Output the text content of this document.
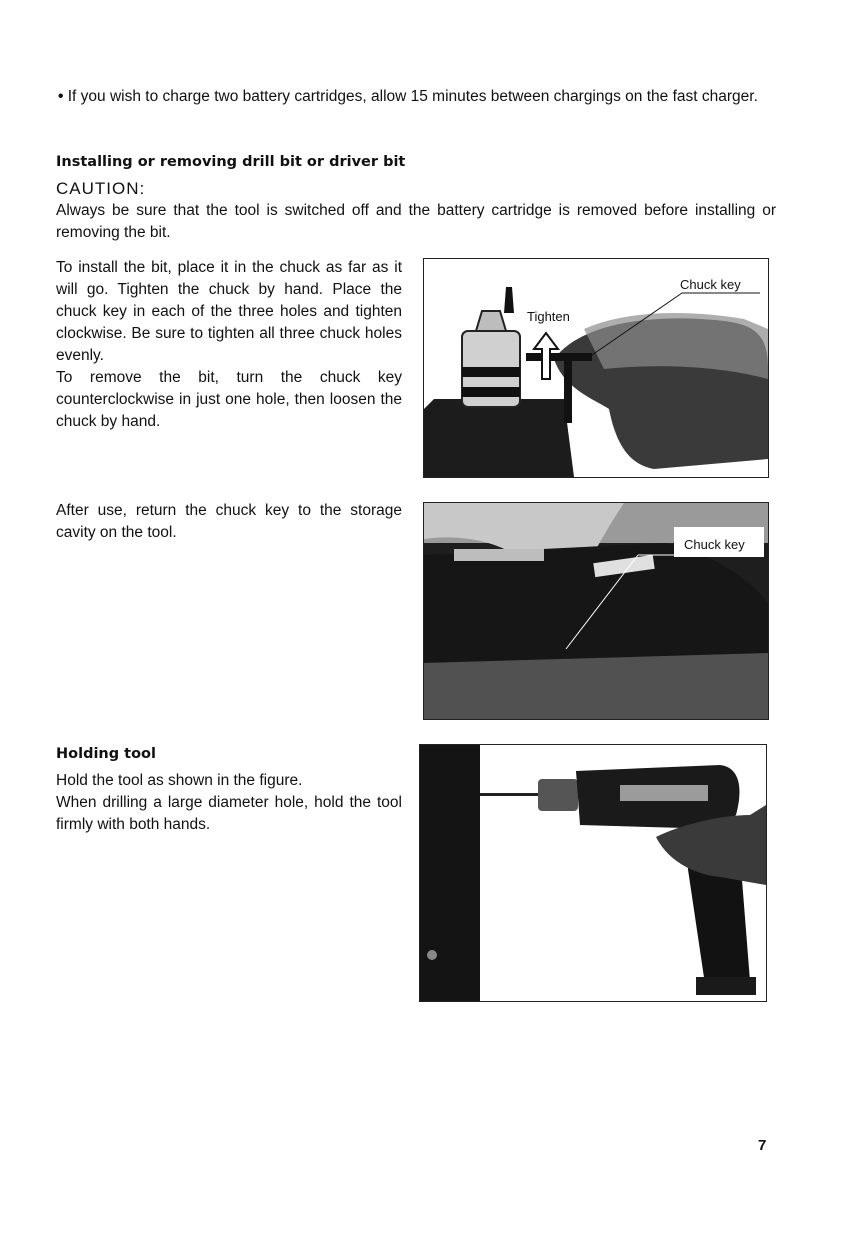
• If you wish to charge two battery cartridges, allow 15 minutes between chargings on the fast charger.
Installing or removing drill bit or driver bit
CAUTION:
Always be sure that the tool is switched off and the battery cartridge is removed before installing or removing the bit.
To install the bit, place it in the chuck as far as it will go. Tighten the chuck by hand. Place the chuck key in each of the three holes and tighten clockwise. Be sure to tighten all three chuck holes evenly.
To remove the bit, turn the chuck key counterclockwise in just one hole, then loosen the chuck by hand.
After use, return the chuck key to the storage cavity on the tool.
Chuck key
Tighten
Chuck key
Holding tool
Hold the tool as shown in the figure.
When drilling a large diameter hole, hold the tool firmly with both hands.
7
